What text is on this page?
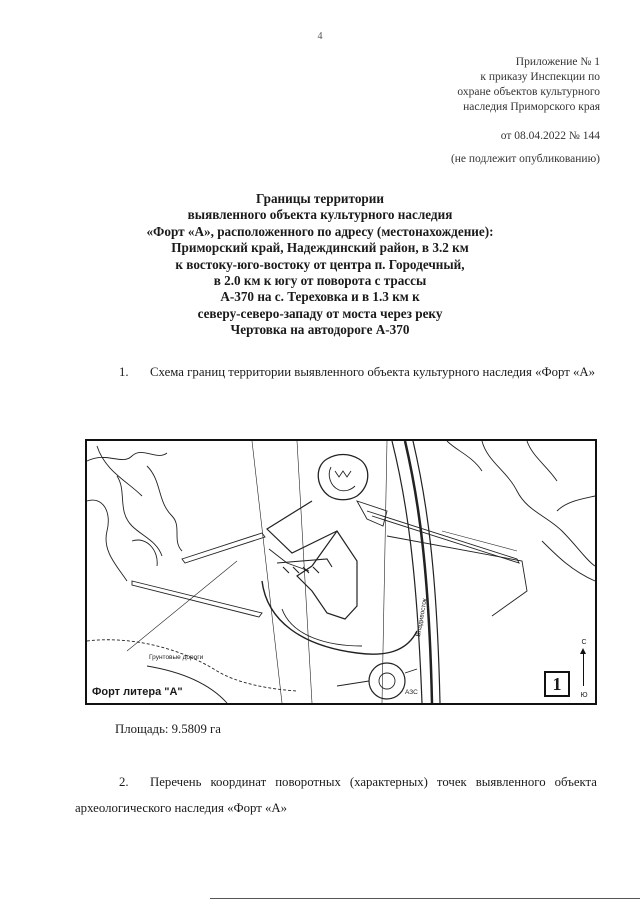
4
Приложение № 1
к приказу Инспекции по
охране объектов культурного
наследия Приморского края
от 08.04.2022 № 144
(не подлежит опубликованию)
Границы территории
выявленного объекта культурного наследия
«Форт «А», расположенного по адресу (местонахождение):
Приморский край, Надеждинский район, в 3.2 км
к востоку-юго-востоку от центра п. Городечный,
в 2.0 км к югу от поворота с трассы
А-370 на с. Тереховка и в 1.3 км к
северу-северо-западу от моста через реку
Чертовка на автодороге А-370
1. Схема границ территории выявленного объекта культурного наследия «Форт «А»
Грунтовые дороги
Владивосток
АЗС
Форт литера "А"	1
С
Ю
Площадь: 9.5809 га
2. Перечень координат поворотных (характерных) точек выявленного объекта археологического наследия «Форт «А»
